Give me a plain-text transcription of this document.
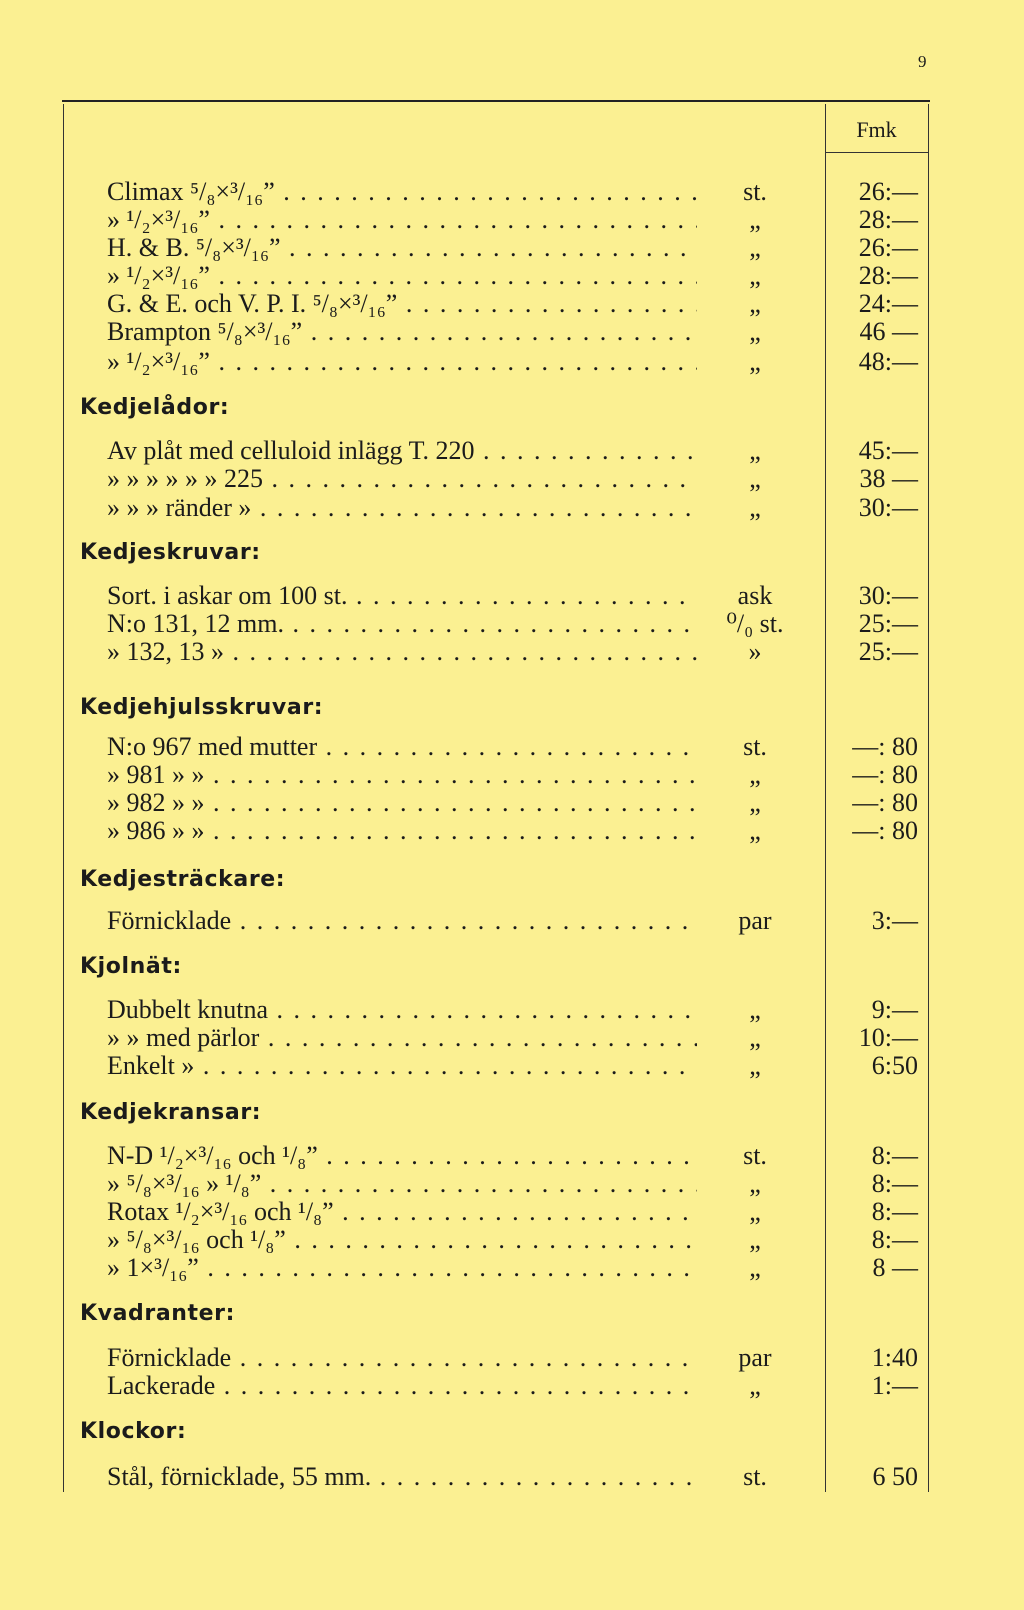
9
Fmk
Climax ⁵/₈×³/₁₆” . . .	st.	26:—
» ¹/₂×³/₁₆” . . .	„	28:—
H. & B. ⁵/₈×³/₁₆” . . .	„	26:—
» ¹/₂×³/₁₆” . . .	„	28:—
G. & E. och V. P. I. ⁵/₈×³/₁₆” . . .	„	24:—
Brampton ⁵/₈×³/₁₆” . . .	„	46 —
» ¹/₂×³/₁₆” . . .	„	48:—
Kedjelådor:
Av plåt med celluloid inlägg T. 220 . . .	„	45:—
» » » » » » 225 . . .	„	38 —
» » » ränder » . . .	„	30:—
Kedjeskruvar:
Sort. i askar om 100 st. . . .	ask	30:—
N:o 131, 12 mm. . . .	⁰/₀ st.	25:—
» 132, 13 » . . .	»	25:—
Kedjehjulsskruvar:
N:o 967 med mutter . . .	st.	—: 80
» 981 » » . . .	„	—: 80
» 982 » » . . .	„	—: 80
» 986 » » . . .	„	—: 80
Kedjesträckare:
Förnicklade . . .	par	3:—
Kjolnät:
Dubbelt knutna . . .	„	9:—
» » med pärlor . . .	„	10:—
Enkelt » . . .	„	6:50
Kedjekransar:
N-D ¹/₂×³/₁₆ och ¹/₈” . . .	st.	8:—
» ⁵/₈×³/₁₆ » ¹/₈” . . .	„	8:—
Rotax ¹/₂×³/₁₆ och ¹/₈” . . .	„	8:—
» ⁵/₈×³/₁₆ och ¹/₈” . . .	„	8:—
» 1×³/₁₆” . . .	„	8 —
Kvadranter:
Förnicklade . . .	par	1:40
Lackerade . . .	„	1:—
Klockor:
Stål, förnicklade, 55 mm. . . .	st.	6 50
